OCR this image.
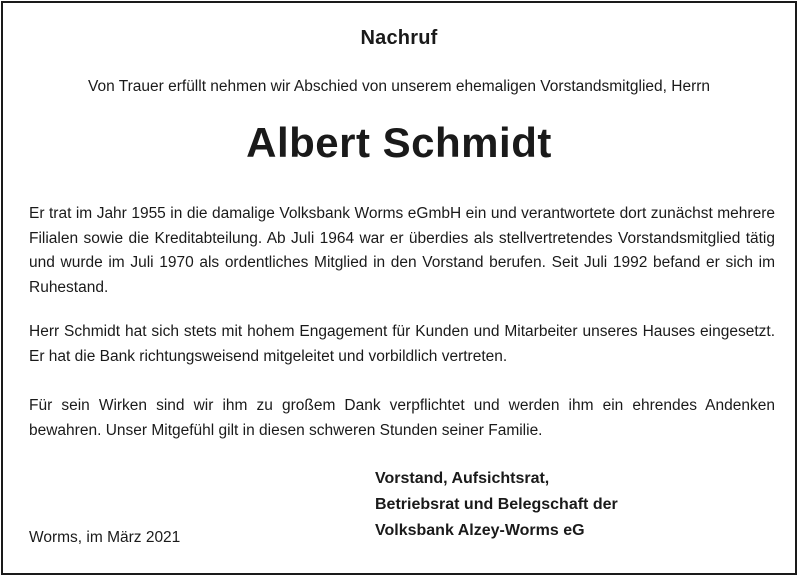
Nachruf
Von Trauer erfüllt nehmen wir Abschied von unserem ehemaligen Vorstandsmitglied, Herrn
Albert Schmidt

Er trat im Jahr 1955 in die damalige Volksbank Worms eGmbH ein und verantwortete dort zunächst mehrere Filialen sowie die Kreditabteilung. Ab Juli 1964 war er überdies als stellvertretendes Vorstandsmitglied tätig und wurde im Juli 1970 als ordentliches Mitglied in den Vorstand berufen. Seit Juli 1992 befand er sich im Ruhestand.

Herr Schmidt hat sich stets mit hohem Engagement für Kunden und Mitarbeiter unseres Hauses eingesetzt. Er hat die Bank richtungsweisend mitgeleitet und vorbildlich vertreten.

Für sein Wirken sind wir ihm zu großem Dank verpflichtet und werden ihm ein ehrendes Andenken bewahren. Unser Mitgefühl gilt in diesen schweren Stunden seiner Familie.

Vorstand, Aufsichtsrat,
Betriebsrat und Belegschaft der
Volksbank Alzey-Worms eG
Worms, im März 2021
